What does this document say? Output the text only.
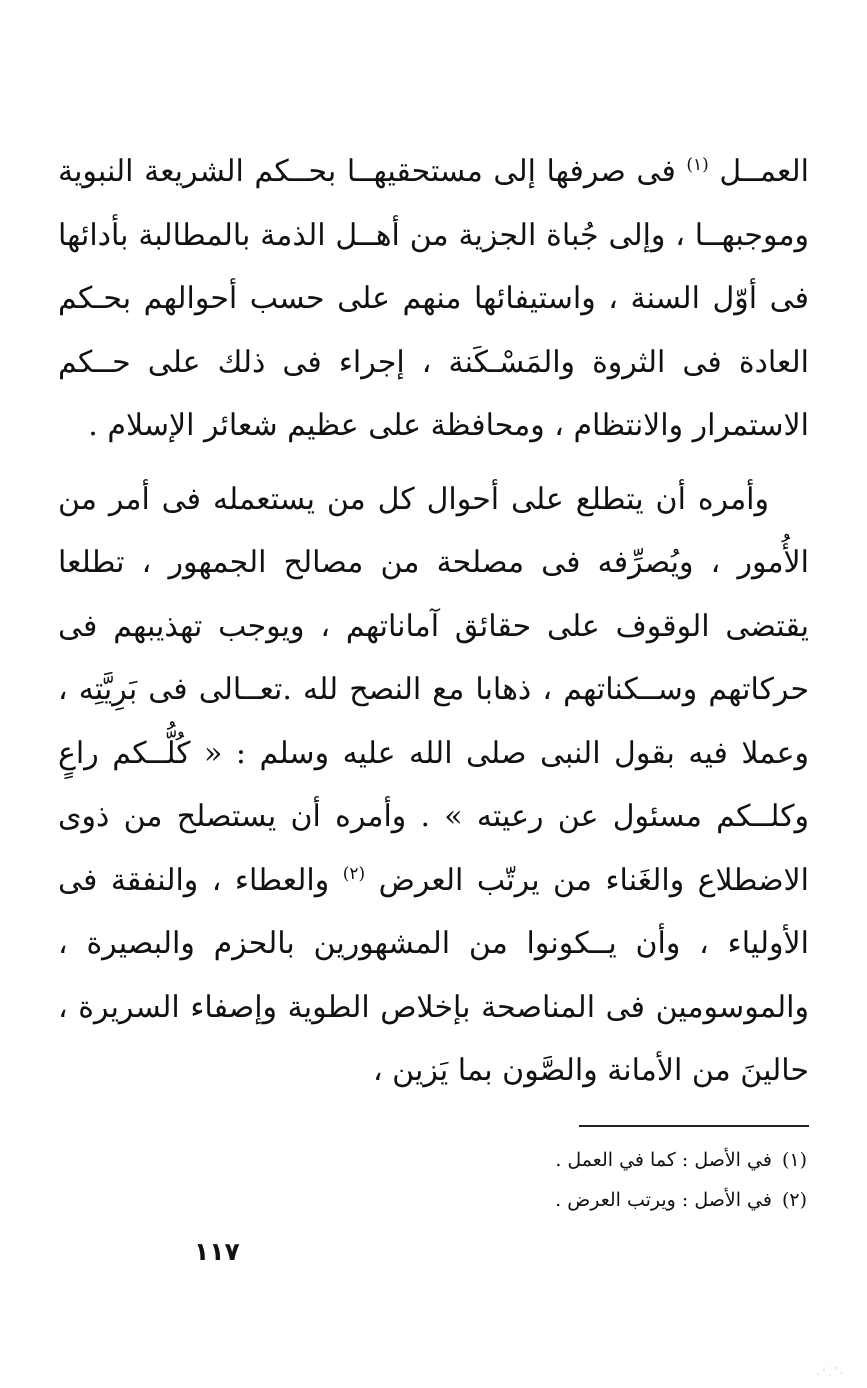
العمــل $^{(١)}$ فى صرفها إلى مستحقيهــا بحــكم الشريعة النبوية وموجبهــا ، وإلى جُباة الجزية من أهــل الذمة بالمطالبة بأدائها فى أوّل السنة ، واستيفائها منهم على حسب أحوالهم بحـكم العادة فى الثروة والمَسْـكَنة ، إجراء فى ذلك على حــكم الاستمرار والانتظام ، ومحافظة على عظيم شعائر الإسلام .

وأمره أن يتطلع على أحوال كل من يستعمله فى أمر من الأُمور ، ويُصرِّفه فى مصلحة من مصالح الجمهور ، تطلعا يقتضى الوقوف على حقائق آماناتهم ، ويوجب تهذيبهم فى حركاتهم وســكناتهم ، ذهابا مع النصح لله .تعــالى فى بَرِيَّتِه ، وعملا فيه بقول النبى صلى الله عليه وسلم : « كُلُّــكم راعٍ وكلــكم مسئول عن رعيته » . وأمره أن يستصلح من ذوى الاضطلاع والغَناء من يرتّب العرض $^{(٢)}$ والعطاء ، والنفقة فى الأولياء ، وأن يــكونوا من المشهورين بالحزم والبصيرة ، والموسومين فى المناصحة بإخلاص الطوية وإصفاء السريرة ، حالينَ من الأمانة والصَّون بما يَزين ،

(١)في الأصل : كما في العمل .
(٢)في الأصل : ويرتب العرض .
١١٧
